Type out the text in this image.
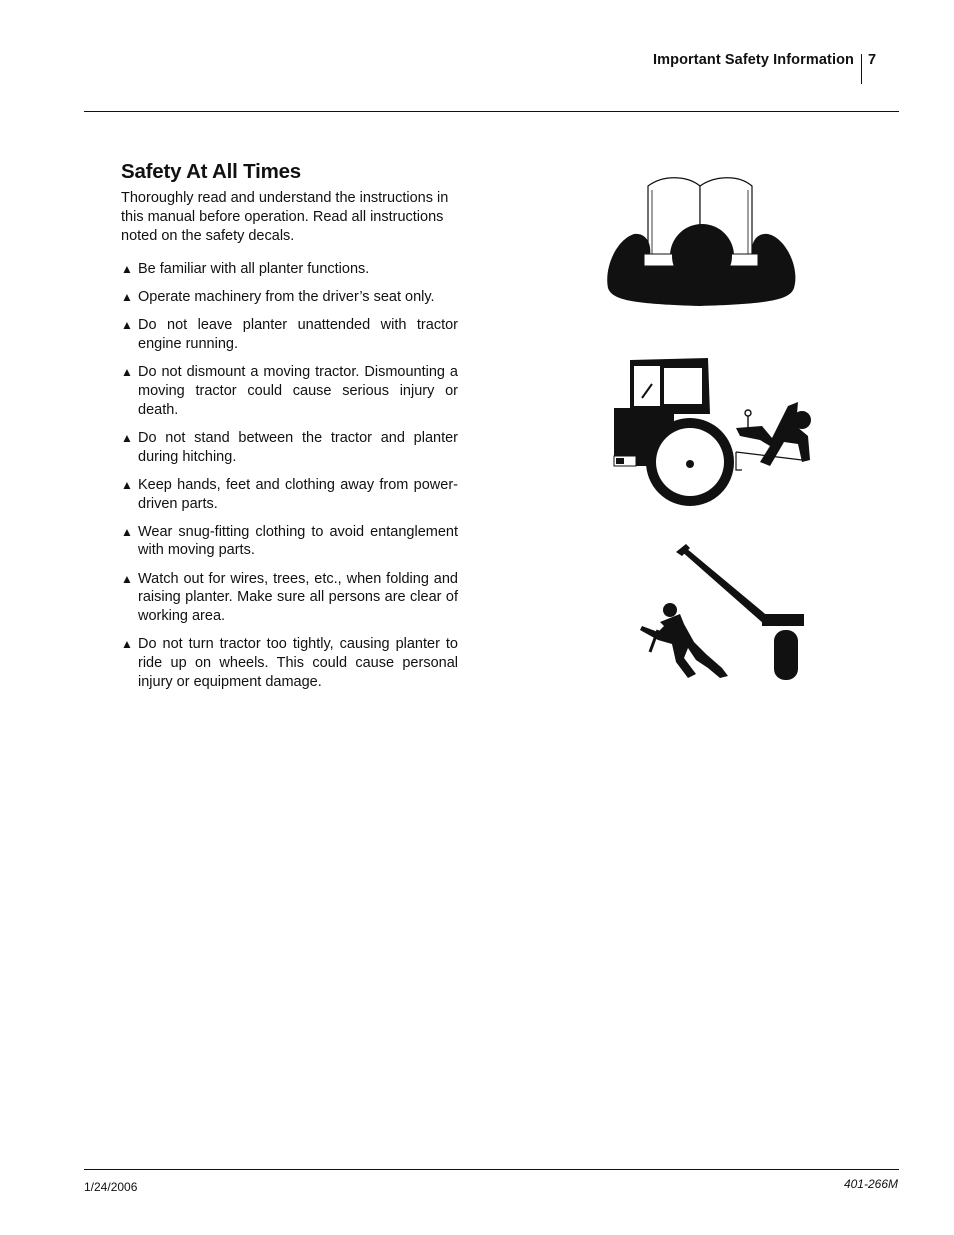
Important Safety Information 7
Safety At All Times

Thoroughly read and understand the instructions in this manual before operation. Read all instructions noted on the safety decals.

▲ Be familiar with all planter functions.
▲ Operate machinery from the driver’s seat only.
▲ Do not leave planter unattended with tractor engine running.
▲ Do not dismount a moving tractor. Dismounting a moving tractor could cause serious injury or death.
▲ Do not stand between the tractor and planter during hitching.
▲ Keep hands, feet and clothing away from power-driven parts.
▲ Wear snug-fitting clothing to avoid entanglement with moving parts.
▲ Watch out for wires, trees, etc., when folding and raising planter. Make sure all persons are clear of working area.
▲ Do not turn tractor too tightly, causing planter to ride up on wheels. This could cause personal injury or equipment damage.
1/24/2006	401-266M
